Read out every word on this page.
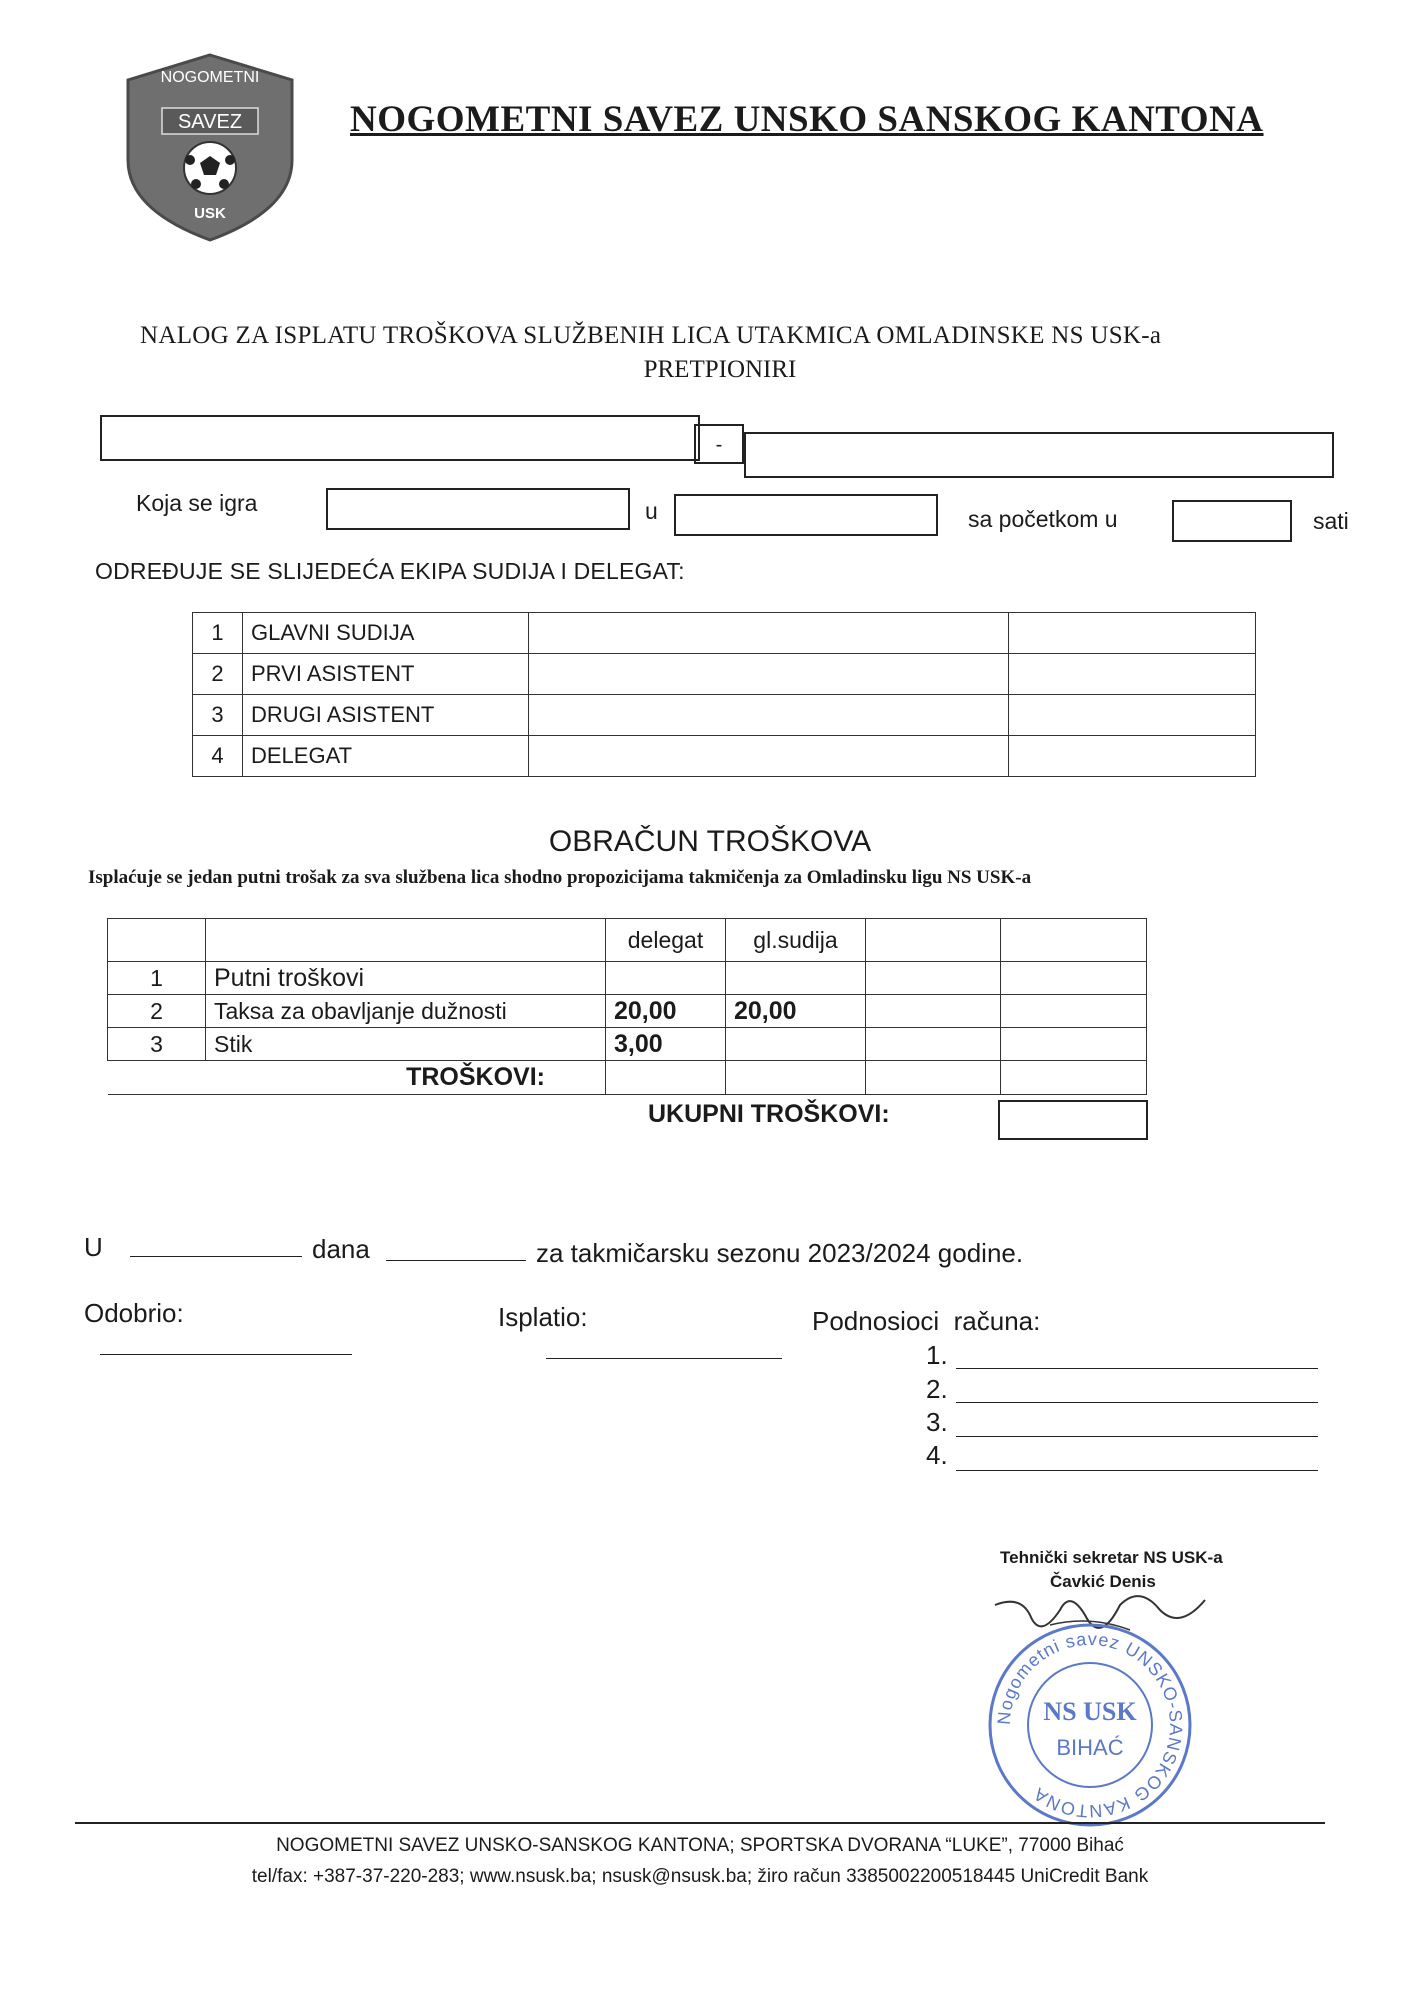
NOGOMETNI
SAVEZ
USK
NOGOMETNI SAVEZ UNSKO SANSKOG KANTONA
NALOG ZA ISPLATU TROŠKOVA SLUŽBENIH LICA UTAKMICA OMLADINSKE NS USK-a
PRETPIONIRI
-
Koja se igra	u	sa početkom u	sati
ODREĐUJE SE SLIJEDEĆA EKIPA SUDIJA I DELEGAT:
1	GLAVNI SUDIJA		
2	PRVI ASISTENT		
3	DRUGI ASISTENT		
4	DELEGAT		
OBRAČUN TROŠKOVA
Isplaćuje se jedan putni trošak za sva službena lica shodno propozicijama takmičenja za Omladinsku ligu NS USK-a
		delegat	gl.sudija		
1	Putni troškovi				
2	Taksa za obavljanje dužnosti	20,00	20,00		
3	Stik	3,00			
TROŠKOVI:					
UKUPNI TROŠKOVI:
U	dana	za takmičarsku sezonu 2023/2024 godine.
Odobrio:	Isplatio:	Podnosioci  računa:
1.
2.
3.
4.
Tehnički sekretar NS USK-a
Čavkić Denis
Nogometni savez UNSKO-SANSKOG KANTONA
NS USK
BIHAĆ
NOGOMETNI SAVEZ UNSKO-SANSKOG KANTONA; SPORTSKA DVORANA “LUKE”, 77000 Bihać
tel/fax: +387-37-220-283; www.nsusk.ba; nsusk@nsusk.ba; žiro račun 3385002200518445 UniCredit Bank
